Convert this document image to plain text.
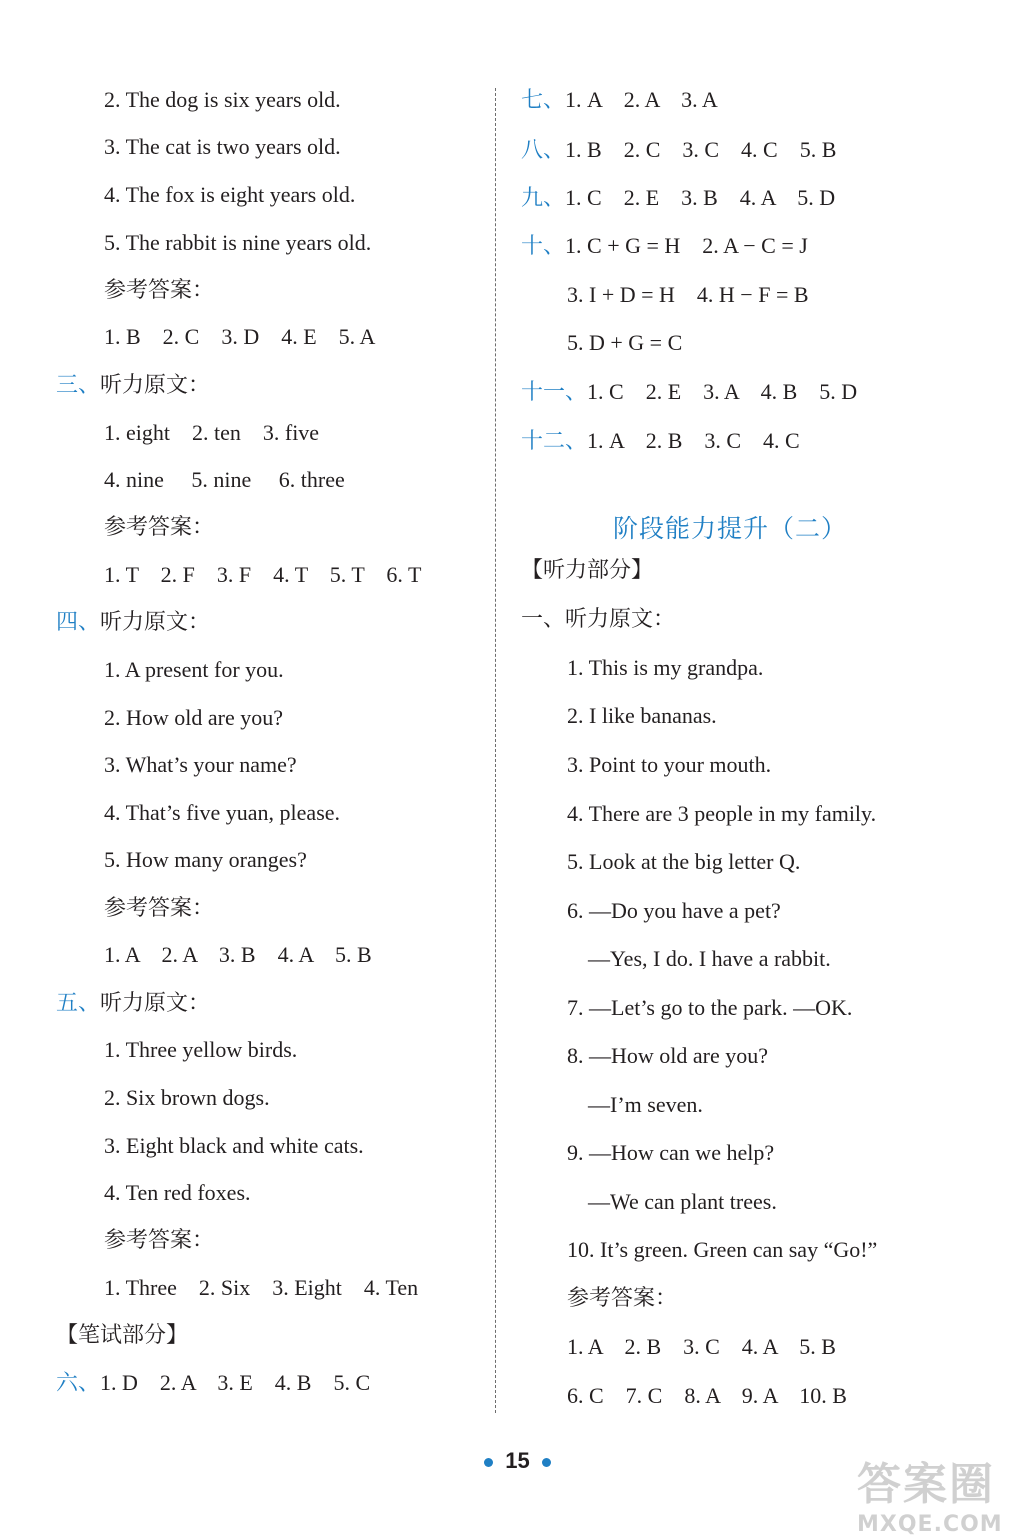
阶段能力提升（二）
15	答案圈
MXQE.COM
2. The dog is six years old.
3. The cat is two years old.
4. The fox is eight years old.
5. The rabbit is nine years old.
参考答案：
1. B    2. C    3. D    4. E    5. A
三、听力原文：
1. eight    2. ten    3. five
4. nine     5. nine     6. three
参考答案：
1. T    2. F    3. F    4. T    5. T    6. T
四、听力原文：
1. A present for you.
2. How old are you?
3. What’s your name?
4. That’s five yuan, please.
5. How many oranges?
参考答案：
1. A    2. A    3. B    4. A    5. B
五、听力原文：
1. Three yellow birds.
2. Six brown dogs.
3. Eight black and white cats.
4. Ten red foxes.
参考答案：
1. Three    2. Six    3. Eight    4. Ten
【笔试部分】
六、1. D    2. A    3. E    4. B    5. C
七、1. A    2. A    3. A
八、1. B    2. C    3. C    4. C    5. B
九、1. C    2. E    3. B    4. A    5. D
十、1. C + G = H    2. A − C = J
3. I + D = H    4. H − F = B
5. D + G = C
十一、1. C    2. E    3. A    4. B    5. D
十二、1. A    2. B    3. C    4. C
【听力部分】
一、听力原文：
1. This is my grandpa.
2. I like bananas.
3. Point to your mouth.
4. There are 3 people in my family.
5. Look at the big letter Q.
6. —Do you have a pet?
—Yes, I do. I have a rabbit.
7. —Let’s go to the park. —OK.
8. —How old are you?
—I’m seven.
9. —How can we help?
—We can plant trees.
10. It’s green. Green can say “Go!”
参考答案：
1. A    2. B    3. C    4. A    5. B
6. C    7. C    8. A    9. A    10. B
